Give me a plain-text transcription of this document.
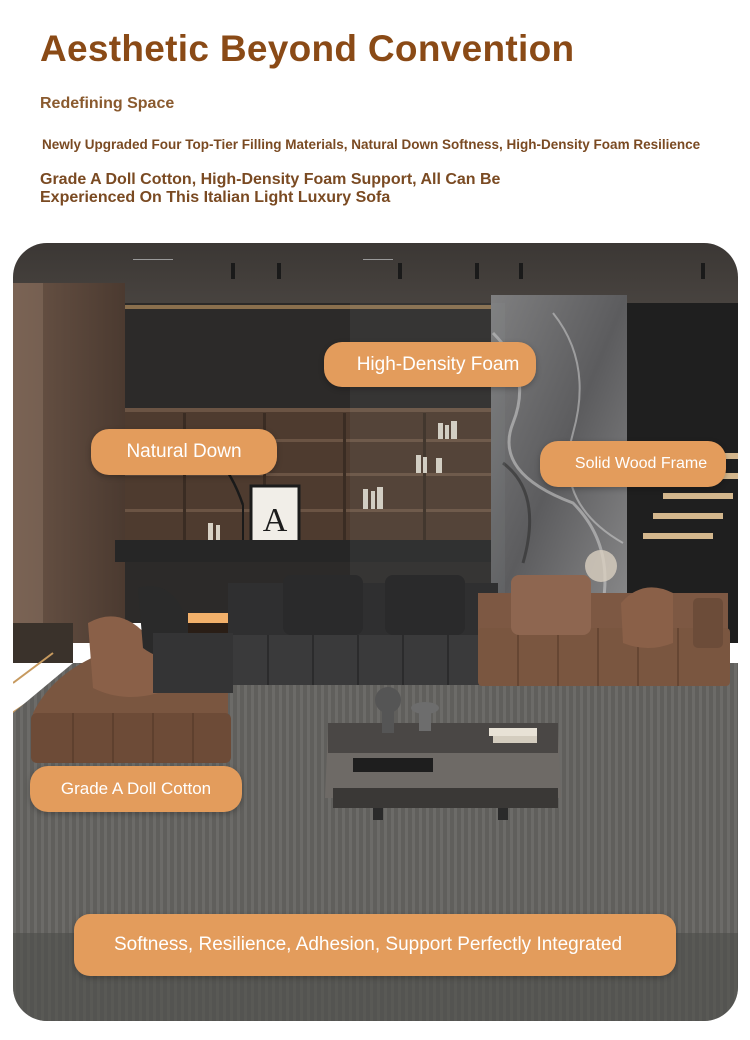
Aesthetic Beyond Convention
Redefining Space
Newly Upgraded Four Top-Tier Filling Materials, Natural Down Softness, High-Density Foam Resilience
Grade A Doll Cotton, High-Density Foam Support, All Can Be Experienced On This Italian Light Luxury Sofa
A
High-Density Foam
Natural Down
Solid Wood Frame
Grade A Doll Cotton
Softness, Resilience, Adhesion, Support Perfectly Integrated
